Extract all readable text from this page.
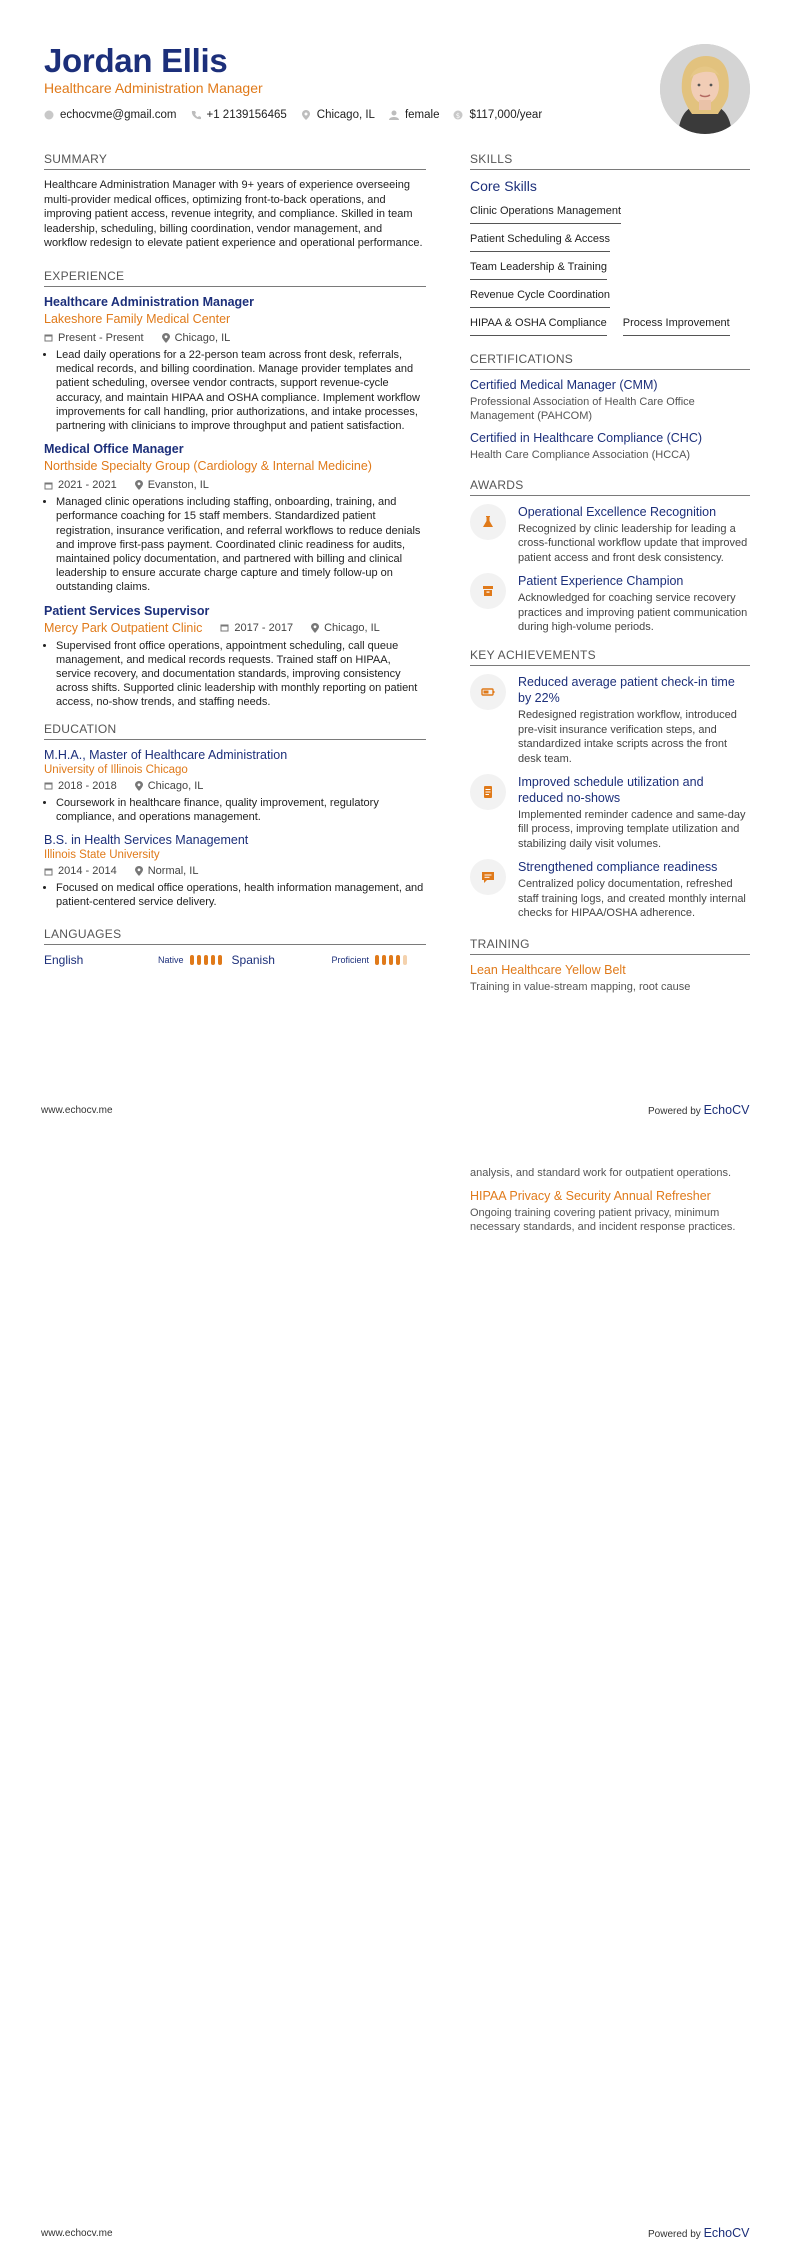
Jordan Ellis
Healthcare Administration Manager
echocvme@gmail.com	+1 2139156465	Chicago, IL	female $ $117,000/year
SUMMARY
Healthcare Administration Manager with 9+ years of experience overseeing multi-provider medical offices, optimizing front-to-back operations, and improving patient access, revenue integrity, and compliance. Skilled in team leadership, scheduling, billing coordination, vendor management, and workflow redesign to elevate patient experience and operational performance.
EXPERIENCE
Healthcare Administration Manager
Lakeshore Family Medical Center
Present - Present	Chicago, IL
• Lead daily operations for a 22-person team across front desk, referrals, medical records, and billing coordination. Manage provider templates and patient scheduling, oversee vendor contracts, support revenue-cycle accuracy, and maintain HIPAA and OSHA compliance. Implement workflow improvements for call handling, prior authorizations, and intake processes, partnering with clinicians to improve throughput and patient satisfaction.
Medical Office Manager
Northside Specialty Group (Cardiology & Internal Medicine)
2021 - 2021	Evanston, IL
• Managed clinic operations including staffing, onboarding, training, and performance coaching for 15 staff members. Standardized patient registration, insurance verification, and referral workflows to reduce denials and improve first-pass payment. Coordinated clinic readiness for audits, maintained policy documentation, and partnered with billing and clinical leadership to ensure accurate charge capture and timely follow-up on outstanding claims.
Patient Services Supervisor
Mercy Park Outpatient Clinic	2017 - 2017	Chicago, IL
• Supervised front office operations, appointment scheduling, call queue management, and medical records requests. Trained staff on HIPAA, service recovery, and documentation standards, improving consistency across shifts. Supported clinic leadership with monthly reporting on patient access, no-show trends, and staffing needs.
EDUCATION
M.H.A., Master of Healthcare Administration
University of Illinois Chicago
2018 - 2018	Chicago, IL
• Coursework in healthcare finance, quality improvement, regulatory compliance, and operations management.
B.S. in Health Services Management
Illinois State University
2014 - 2014	Normal, IL
• Focused on medical office operations, health information management, and patient-centered service delivery.
LANGUAGES
English	Native	Spanish	Proficient
SKILLS
Core Skills
Clinic Operations Management
Patient Scheduling & Access
Team Leadership & Training
Revenue Cycle Coordination
HIPAA & OSHA Compliance Process Improvement
CERTIFICATIONS
Certified Medical Manager (CMM)
Professional Association of Health Care Office Management (PAHCOM)
Certified in Healthcare Compliance (CHC)
Health Care Compliance Association (HCCA)
AWARDS
Operational Excellence Recognition
Recognized by clinic leadership for leading a cross-functional workflow update that improved patient access and front desk consistency.
Patient Experience Champion
Acknowledged for coaching service recovery practices and improving patient communication during high-volume periods.
KEY ACHIEVEMENTS
Reduced average patient check-in time by 22%
Redesigned registration workflow, introduced pre-visit insurance verification steps, and standardized intake scripts across the front desk team.
Improved schedule utilization and reduced no-shows
Implemented reminder cadence and same-day fill process, improving template utilization and stabilizing daily visit volumes.
Strengthened compliance readiness
Centralized policy documentation, refreshed staff training logs, and created monthly internal checks for HIPAA/OSHA adherence.
TRAINING
Lean Healthcare Yellow Belt
Training in value-stream mapping, root cause
www.echocv.me	Powered by EchoCV
analysis, and standard work for outpatient operations.
HIPAA Privacy & Security Annual Refresher
Ongoing training covering patient privacy, minimum necessary standards, and incident response practices.
www.echocv.me	Powered by EchoCV
